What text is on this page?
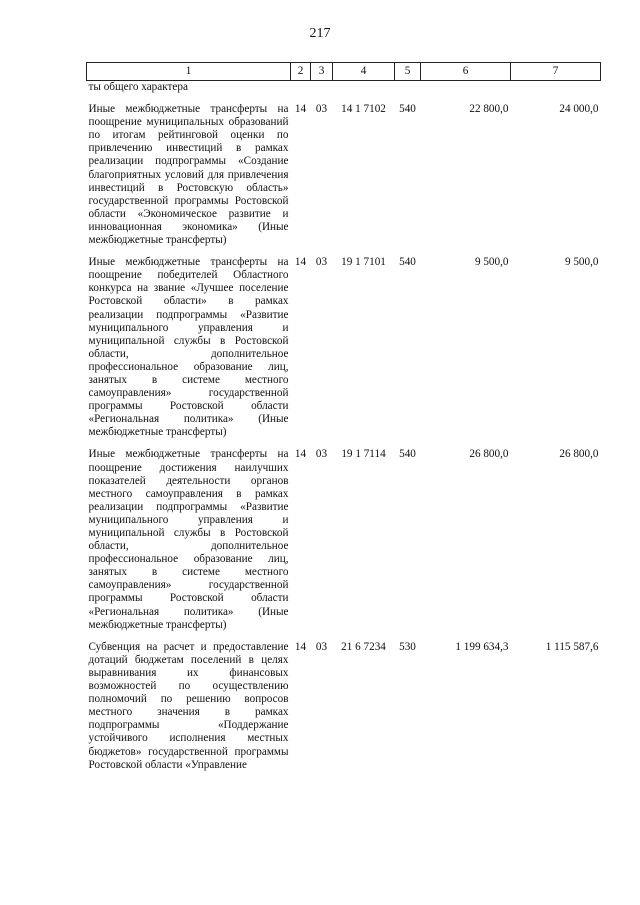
217
1	2	3	4	5	6	7
ты общего характера						

Иные межбюджетные трансферты на поощрение муниципальных образований по итогам рейтинговой оценки по привлечению инвестиций в рамках реализации подпрограммы «Создание благоприятных условий для привлечения инвестиций в Ростовскую область» государственной программы Ростовской области «Экономическое развитие и инновационная экономика» (Иные межбюджетные трансферты)	14	03	14 1 7102	540	22 800,0	24 000,0

Иные межбюджетные трансферты на поощрение победителей Областного конкурса на звание «Лучшее поселение Ростовской области» в рамках реализации подпрограммы «Развитие муниципального управления и муниципальной службы в Ростовской области, дополнительное профессиональное образование лиц, занятых в системе местного самоуправления» государственной программы Ростовской области «Региональная политика» (Иные межбюджетные трансферты)	14	03	19 1 7101	540	9 500,0	9 500,0

Иные межбюджетные трансферты на поощрение достижения наилучших показателей деятельности органов местного самоуправления в рамках реализации подпрограммы «Развитие муниципального управления и муниципальной службы в Ростовской области, дополнительное профессиональное образование лиц, занятых в системе местного самоуправления» государственной программы Ростовской области «Региональная политика» (Иные межбюджетные трансферты)	14	03	19 1 7114	540	26 800,0	26 800,0

Субвенция на расчет и предоставление дотаций бюджетам поселений в целях выравнивания их финансовых возможностей по осуществлению полномочий по решению вопросов местного значения в рамках подпрограммы «Поддержание устойчивого исполнения местных бюджетов» государственной программы Ростовской области «Управление	14	03	21 6 7234	530	1 199 634,3	1 115 587,6
